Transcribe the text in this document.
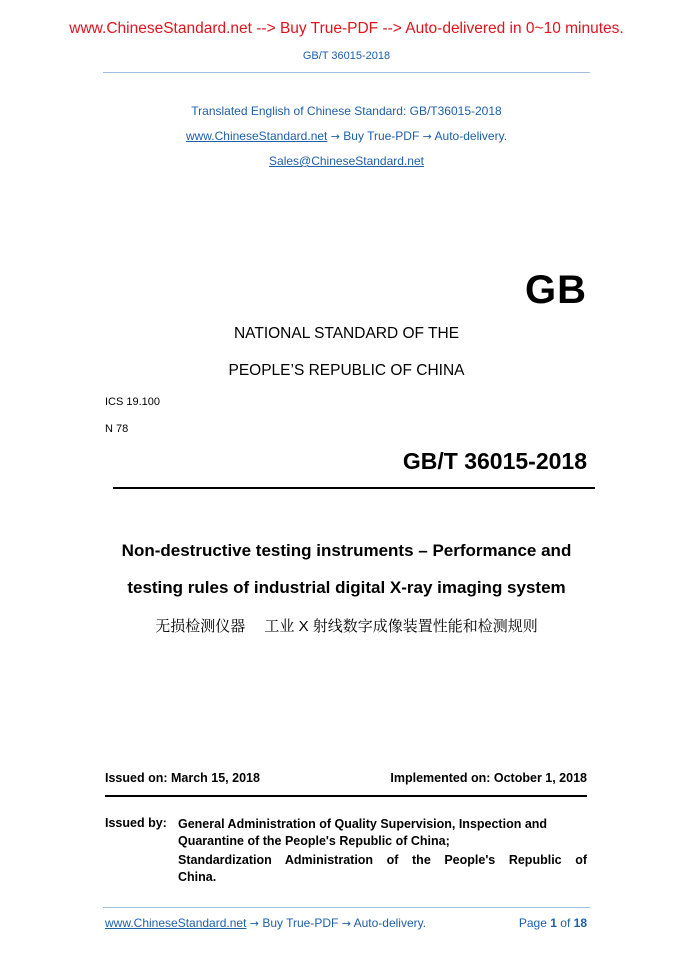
www.ChineseStandard.net --> Buy True-PDF --> Auto-delivered in 0~10 minutes.
GB/T 36015-2018
Translated English of Chinese Standard: GB/T36015-2018
www.ChineseStandard.net → Buy True-PDF → Auto-delivery.
Sales@ChineseStandard.net
GB
NATIONAL STANDARD OF THE
PEOPLE’S REPUBLIC OF CHINA
ICS 19.100
N 78
GB/T 36015-2018
Non-destructive testing instruments – Performance and
testing rules of industrial digital X-ray imaging system
无损检测仪器　 工业 X 射线数字成像装置性能和检测规则
Issued on: March 15, 2018	Implemented on: October 1, 2018
Issued by: General Administration of Quality Supervision, Inspection and
Quarantine of the People's Republic of China;
Standardization Administration of the People's Republic of
China.
www.ChineseStandard.net → Buy True-PDF → Auto-delivery.	Page 1 of 18
